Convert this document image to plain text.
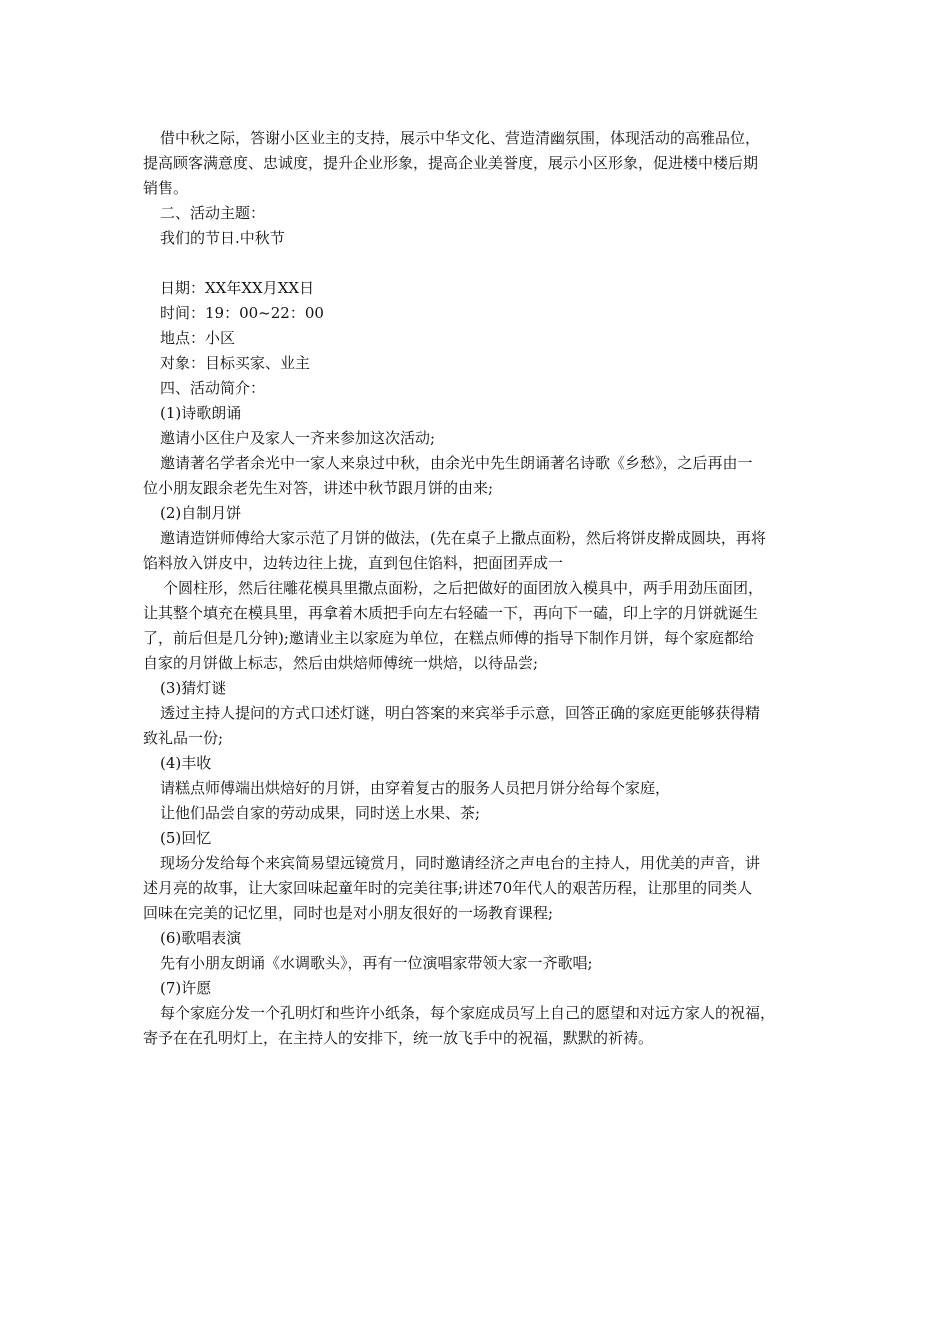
借中秋之际，答谢小区业主的支持，展示中华文化、营造清幽氛围，体现活动的高雅品位，
提高顾客满意度、忠诚度，提升企业形象，提高企业美誉度，展示小区形象，促进楼中楼后期
销售。
二、活动主题：
我们的节日.中秋节
日期：XX年XX月XX日
时间：19：00~22：00
地点：小区
对象：目标买家、业主
四、活动简介：
(1)诗歌朗诵
邀请小区住户及家人一齐来参加这次活动;
邀请著名学者余光中一家人来泉过中秋，由余光中先生朗诵著名诗歌《乡愁》，之后再由一
位小朋友跟余老先生对答，讲述中秋节跟月饼的由来;
(2)自制月饼
邀请造饼师傅给大家示范了月饼的做法，(先在桌子上撒点面粉，然后将饼皮擀成圆块，再将
馅料放入饼皮中，边转边往上拢，直到包住馅料，把面团弄成一
个圆柱形，然后往雕花模具里撒点面粉，之后把做好的面团放入模具中，两手用劲压面团，
让其整个填充在模具里，再拿着木质把手向左右轻磕一下，再向下一磕，印上字的月饼就诞生
了，前后但是几分钟);邀请业主以家庭为单位，在糕点师傅的指导下制作月饼，每个家庭都给
自家的月饼做上标志，然后由烘焙师傅统一烘焙，以待品尝;
(3)猜灯谜
透过主持人提问的方式口述灯谜，明白答案的来宾举手示意，回答正确的家庭更能够获得精
致礼品一份;
(4)丰收
请糕点师傅端出烘焙好的月饼，由穿着复古的服务人员把月饼分给每个家庭，
让他们品尝自家的劳动成果，同时送上水果、茶;
(5)回忆
现场分发给每个来宾简易望远镜赏月，同时邀请经济之声电台的主持人，用优美的声音，讲
述月亮的故事，让大家回味起童年时的完美往事;讲述70年代人的艰苦历程，让那里的同类人
回味在完美的记忆里，同时也是对小朋友很好的一场教育课程;
(6)歌唱表演
先有小朋友朗诵《水调歌头》，再有一位演唱家带领大家一齐歌唱;
(7)许愿
每个家庭分发一个孔明灯和些许小纸条，每个家庭成员写上自己的愿望和对远方家人的祝福，
寄予在在孔明灯上，在主持人的安排下，统一放飞手中的祝福，默默的祈祷。
